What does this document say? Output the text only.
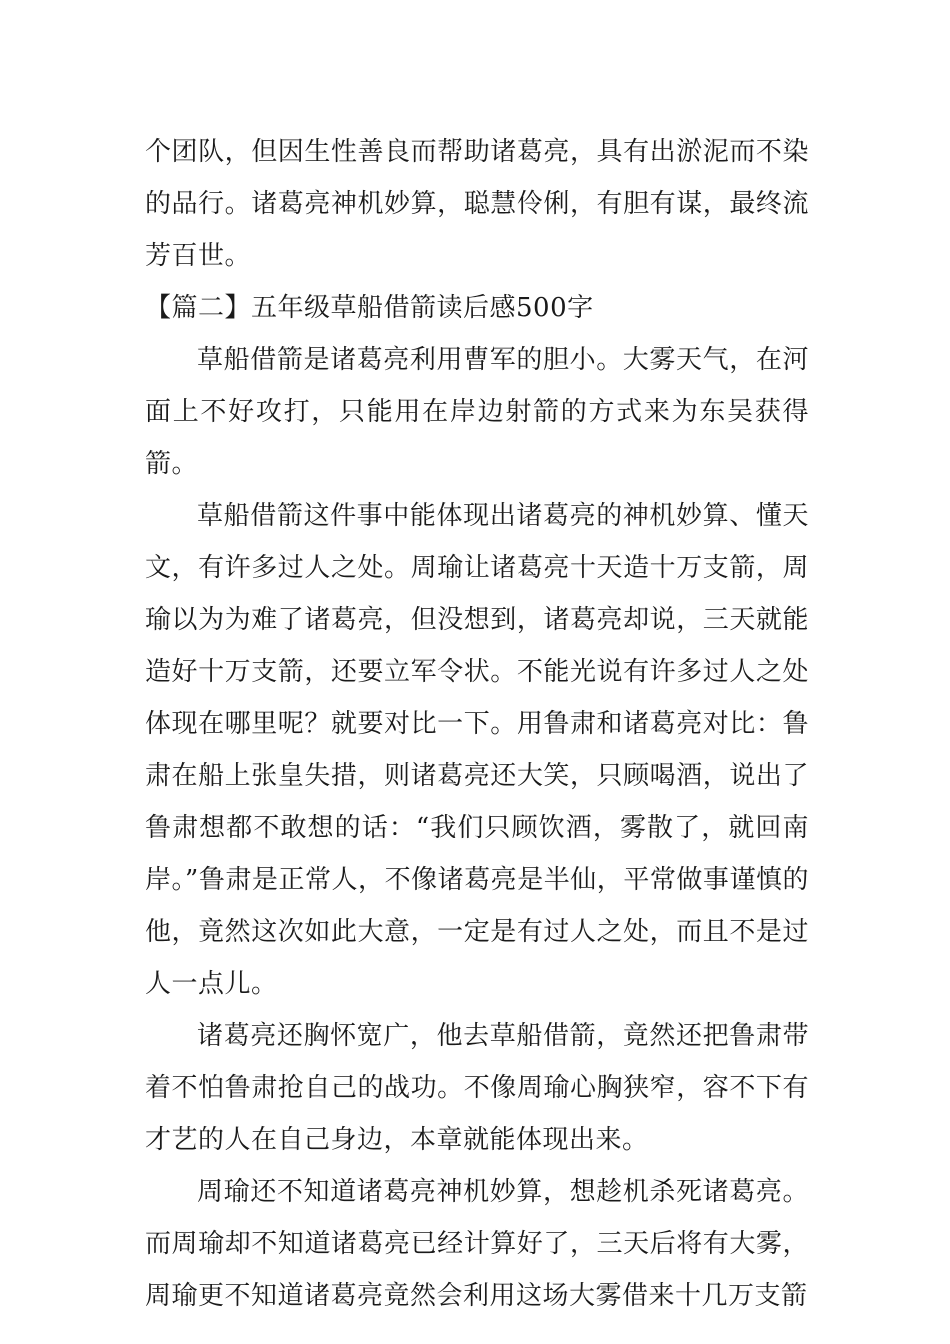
个团队，但因生性善良而帮助诸葛亮，具有出淤泥而不染的品行。诸葛亮神机妙算，聪慧伶俐，有胆有谋，最终流芳百世。

【篇二】五年级草船借箭读后感500字

草船借箭是诸葛亮利用曹军的胆小。大雾天气，在河面上不好攻打，只能用在岸边射箭的方式来为东吴获得箭。

草船借箭这件事中能体现出诸葛亮的神机妙算、懂天文，有许多过人之处。周瑜让诸葛亮十天造十万支箭，周瑜以为为难了诸葛亮，但没想到，诸葛亮却说，三天就能造好十万支箭，还要立军令状。不能光说有许多过人之处体现在哪里呢？就要对比一下。用鲁肃和诸葛亮对比：鲁肃在船上张皇失措，则诸葛亮还大笑，只顾喝酒，说出了鲁肃想都不敢想的话：“我们只顾饮酒，雾散了，就回南岸。”鲁肃是正常人，不像诸葛亮是半仙，平常做事谨慎的他，竟然这次如此大意，一定是有过人之处，而且不是过人一点儿。

诸葛亮还胸怀宽广，他去草船借箭，竟然还把鲁肃带着不怕鲁肃抢自己的战功。不像周瑜心胸狭窄，容不下有才艺的人在自己身边，本章就能体现出来。

周瑜还不知道诸葛亮神机妙算，想趁机杀死诸葛亮。而周瑜却不知道诸葛亮已经计算好了，三天后将有大雾，周瑜更不知道诸葛亮竟然会利用这场大雾借来十几万支箭
